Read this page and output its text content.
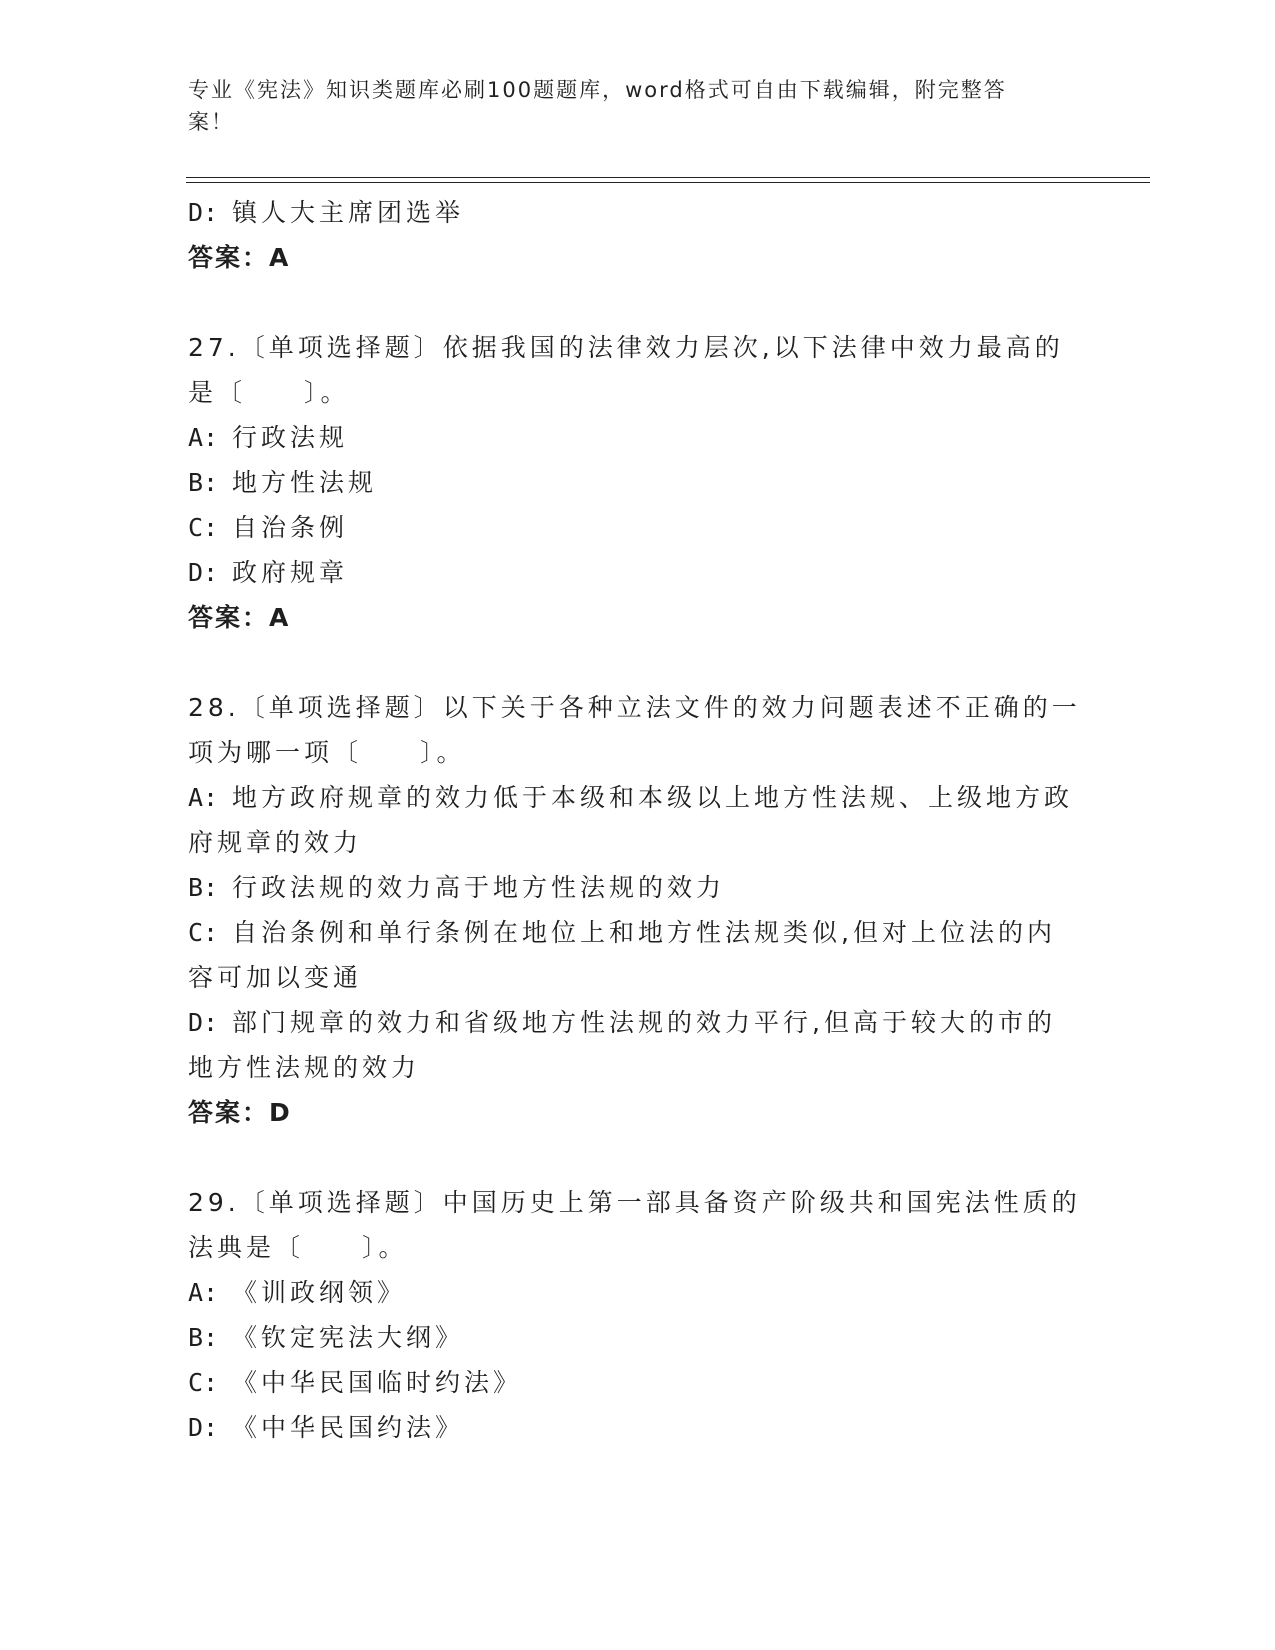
专业《宪法》知识类题库必刷100题题库，word格式可自由下载编辑，附完整答
案！
D: 镇人大主席团选举
答案：A
27.〔单项选择题〕依据我国的法律效力层次,以下法律中效力最高的
是〔　　〕。
A: 行政法规
B: 地方性法规
C: 自治条例
D: 政府规章
答案：A
28.〔单项选择题〕以下关于各种立法文件的效力问题表述不正确的一
项为哪一项〔　　〕。
A: 地方政府规章的效力低于本级和本级以上地方性法规、上级地方政
府规章的效力
B: 行政法规的效力高于地方性法规的效力
C: 自治条例和单行条例在地位上和地方性法规类似,但对上位法的内
容可加以变通
D: 部门规章的效力和省级地方性法规的效力平行,但高于较大的市的
地方性法规的效力
答案：D
29.〔单项选择题〕中国历史上第一部具备资产阶级共和国宪法性质的
法典是〔　　〕。
A: 《训政纲领》
B: 《钦定宪法大纲》
C: 《中华民国临时约法》
D: 《中华民国约法》
